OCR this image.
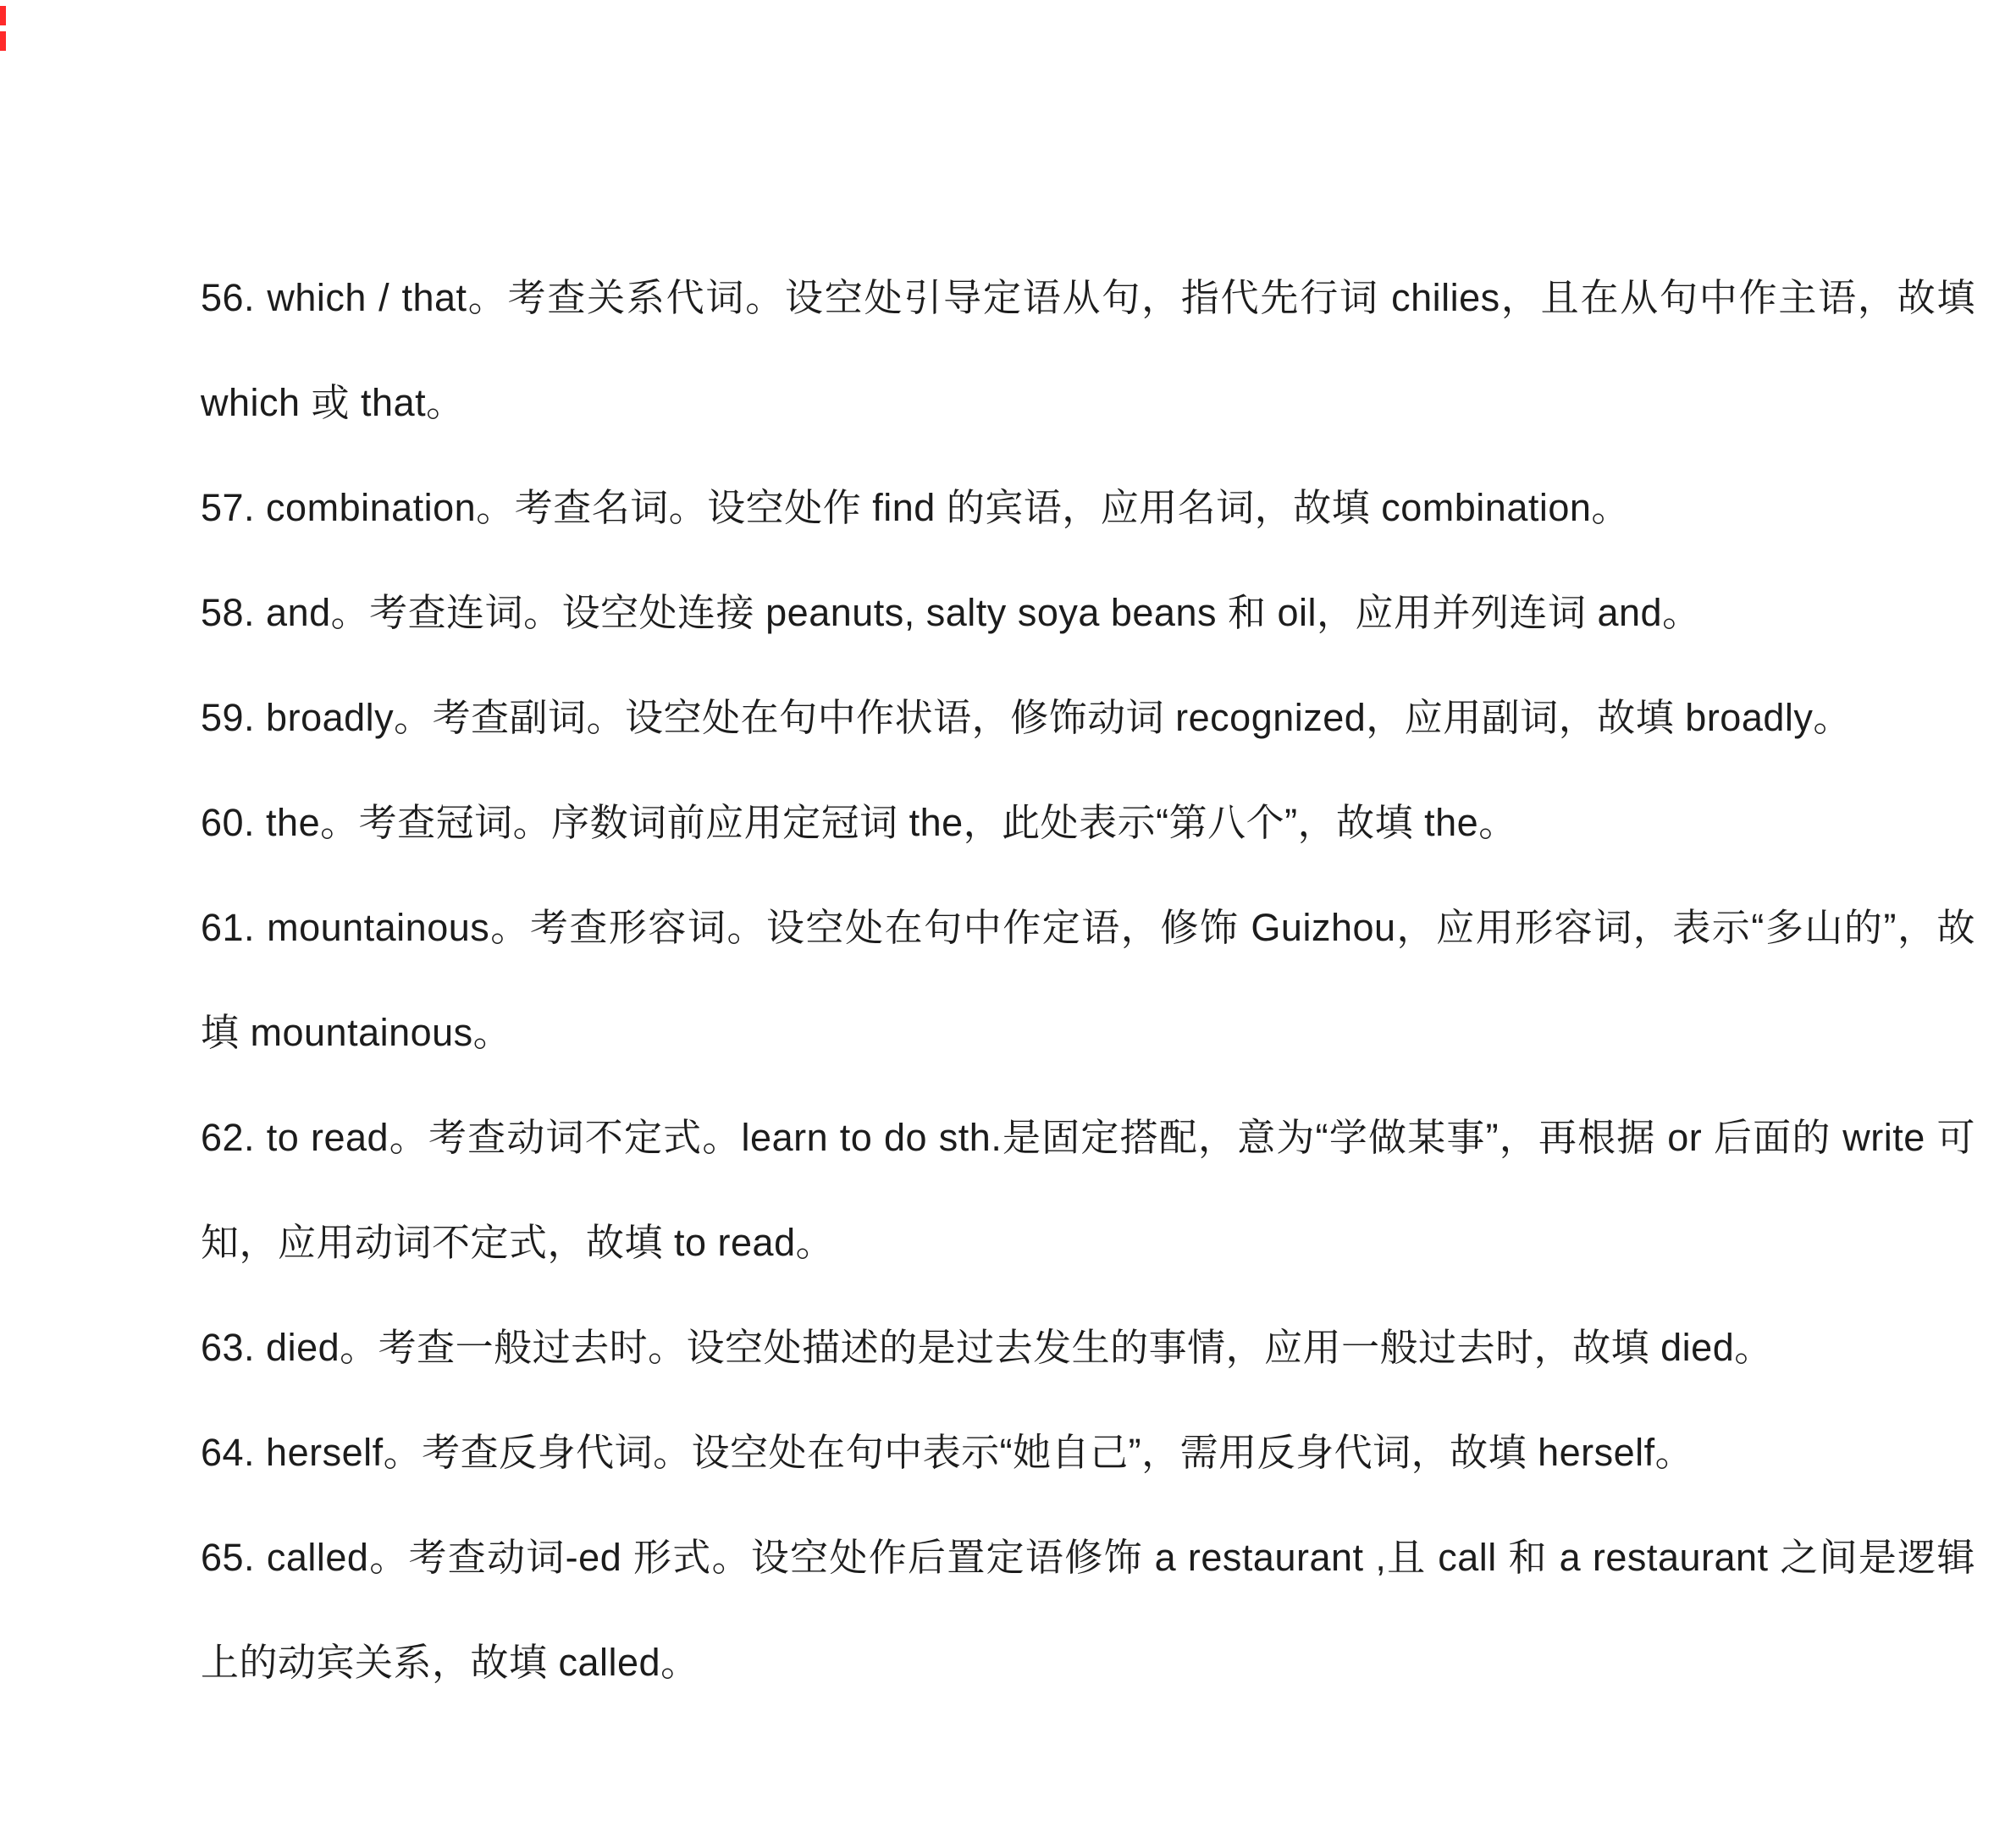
56. which / that。考查关系代词。设空处引导定语从句，指代先行词 chilies，且在从句中作主语，故填 which 或 that。

57. combination。考查名词。设空处作 find 的宾语，应用名词，故填 combination。

58. and。考查连词。设空处连接 peanuts, salty soya beans 和 oil，应用并列连词 and。

59. broadly。考查副词。设空处在句中作状语，修饰动词 recognized，应用副词，故填 broadly。

60. the。考查冠词。序数词前应用定冠词 the，此处表示“第八个”，故填 the。

61. mountainous。考查形容词。设空处在句中作定语，修饰 Guizhou，应用形容词，表示“多山的”，故填 mountainous。

62. to read。考查动词不定式。learn to do sth.是固定搭配，意为“学做某事”，再根据 or 后面的 write 可知，应用动词不定式，故填 to read。

63. died。考查一般过去时。设空处描述的是过去发生的事情，应用一般过去时，故填 died。

64. herself。考查反身代词。设空处在句中表示“她自己”，需用反身代词，故填 herself。

65. called。考查动词-ed 形式。设空处作后置定语修饰 a restaurant ,且 call 和 a restaurant 之间是逻辑上的动宾关系，故填 called。
